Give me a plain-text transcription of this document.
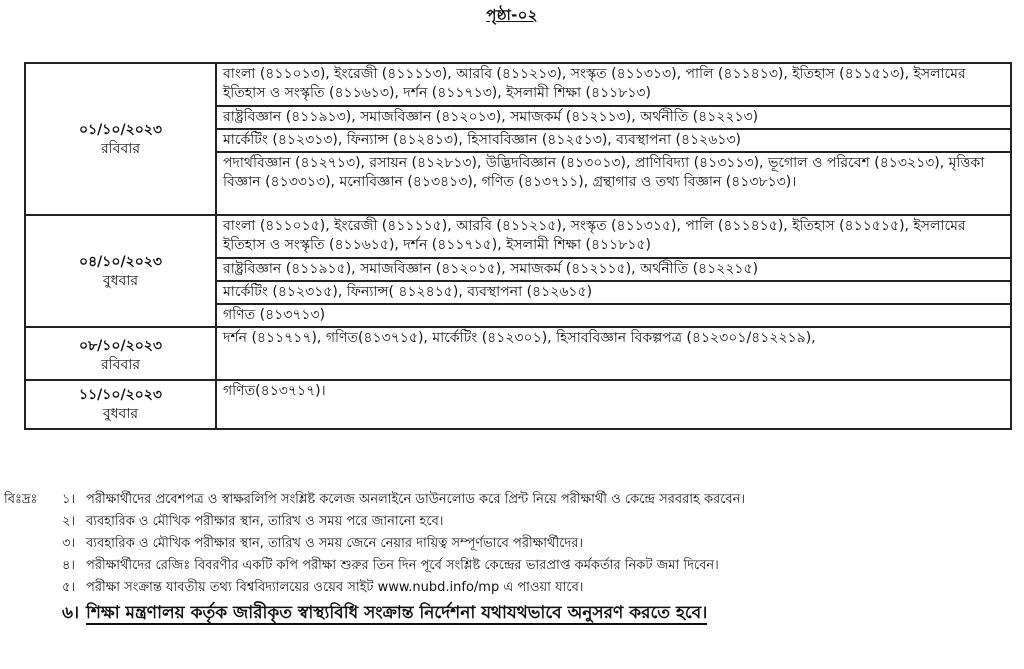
পৃষ্ঠা-০২
০১/১০/২০২৩
রবিবার	বাংলা (৪১১০১৩), ইংরেজী (৪১১১১৩), আরবি (৪১১২১৩), সংস্কৃত (৪১১৩১৩), পালি (৪১১৪১৩), ইতিহাস (৪১১৫১৩), ইসলামের ইতিহাস ও সংস্কৃতি (৪১১৬১৩), দর্শন (৪১১৭১৩), ইসলামী শিক্ষা (৪১১৮১৩)
	রাষ্ট্রবিজ্ঞান (৪১১৯১৩), সমাজবিজ্ঞান (৪১২০১৩), সমাজকর্ম (৪১২১১৩), অর্থনীতি (৪১২২১৩)
	মার্কেটিং (৪১২৩১৩), ফিন্যান্স (৪১২৪১৩), হিসাববিজ্ঞান (৪১২৫১৩), ব্যবস্থাপনা (৪১২৬১৩)
	পদার্থবিজ্ঞান (৪১২৭১৩), রসায়ন (৪১২৮১৩), উদ্ভিদবিজ্ঞান (৪১৩০১৩), প্রাণিবিদ্যা (৪১৩১১৩), ভূগোল ও পরিবেশ (৪১৩২১৩), মৃত্তিকা বিজ্ঞান (৪১৩৩১৩), মনোবিজ্ঞান (৪১৩৪১৩), গণিত (৪১৩৭১১), গ্রন্থাগার ও তথ্য বিজ্ঞান (৪১৩৮১৩)।

০৪/১০/২০২৩
বুধবার	বাংলা (৪১১০১৫), ইংরেজী (৪১১১১৫), আরবি (৪১১২১৫), সংস্কৃত (৪১১৩১৫), পালি (৪১১৪১৫), ইতিহাস (৪১১৫১৫), ইসলামের ইতিহাস ও সংস্কৃতি (৪১১৬১৫), দর্শন (৪১১৭১৫), ইসলামী শিক্ষা (৪১১৮১৫)
	রাষ্ট্রবিজ্ঞান (৪১১৯১৫), সমাজবিজ্ঞান (৪১২০১৫), সমাজকর্ম (৪১২১১৫), অর্থনীতি (৪১২২১৫)
	মার্কেটিং (৪১২৩১৫), ফিন্যান্স( ৪১২৪১৫), ব্যবস্থাপনা (৪১২৬১৫)
	গণিত (৪১৩৭১৩)

০৮/১০/২০২৩
রবিবার	দর্শন (৪১১৭১৭), গণিত(৪১৩৭১৫), মার্কেটিং (৪১২৩০১), হিসাববিজ্ঞান বিকল্পপত্র (৪১২৩০১/৪১২২১৯),

১১/১০/২০২৩
বুধবার	গণিত(৪১৩৭১৭)।
বিঃদ্রঃ ১। পরীক্ষার্থীদের প্রবেশপত্র ও স্বাক্ষরলিপি সংশ্লিষ্ট কলেজ অনলাইনে ডাউনলোড করে প্রিন্ট নিয়ে পরীক্ষার্থী ও কেন্দ্রে সরবরাহ করবেন।
২। ব্যবহারিক ও মৌখিক পরীক্ষার স্থান, তারিখ ও সময় পরে জানানো হবে।
৩। ব্যবহারিক ও মৌখিক পরীক্ষার স্থান, তারিখ ও সময় জেনে নেয়ার দায়িত্ব সম্পূর্ণভাবে পরীক্ষার্থীদের।
৪। পরীক্ষার্থীদের রেজিঃ বিবরণীর একটি কপি পরীক্ষা শুরুর তিন দিন পূর্বে সংশ্লিষ্ট কেন্দ্রের ভারপ্রাপ্ত কর্মকর্তার নিকট জমা দিবেন।
৫। পরীক্ষা সংক্রান্ত যাবতীয় তথ্য বিশ্ববিদ্যালয়ের ওয়েব সাইট www.nubd.info/mp এ পাওয়া যাবে।
৬। শিক্ষা মন্ত্রণালয় কর্তৃক জারীকৃত স্বাস্থ্যবিধি সংক্রান্ত নির্দেশনা যথাযথভাবে অনুসরণ করতে হবে।
